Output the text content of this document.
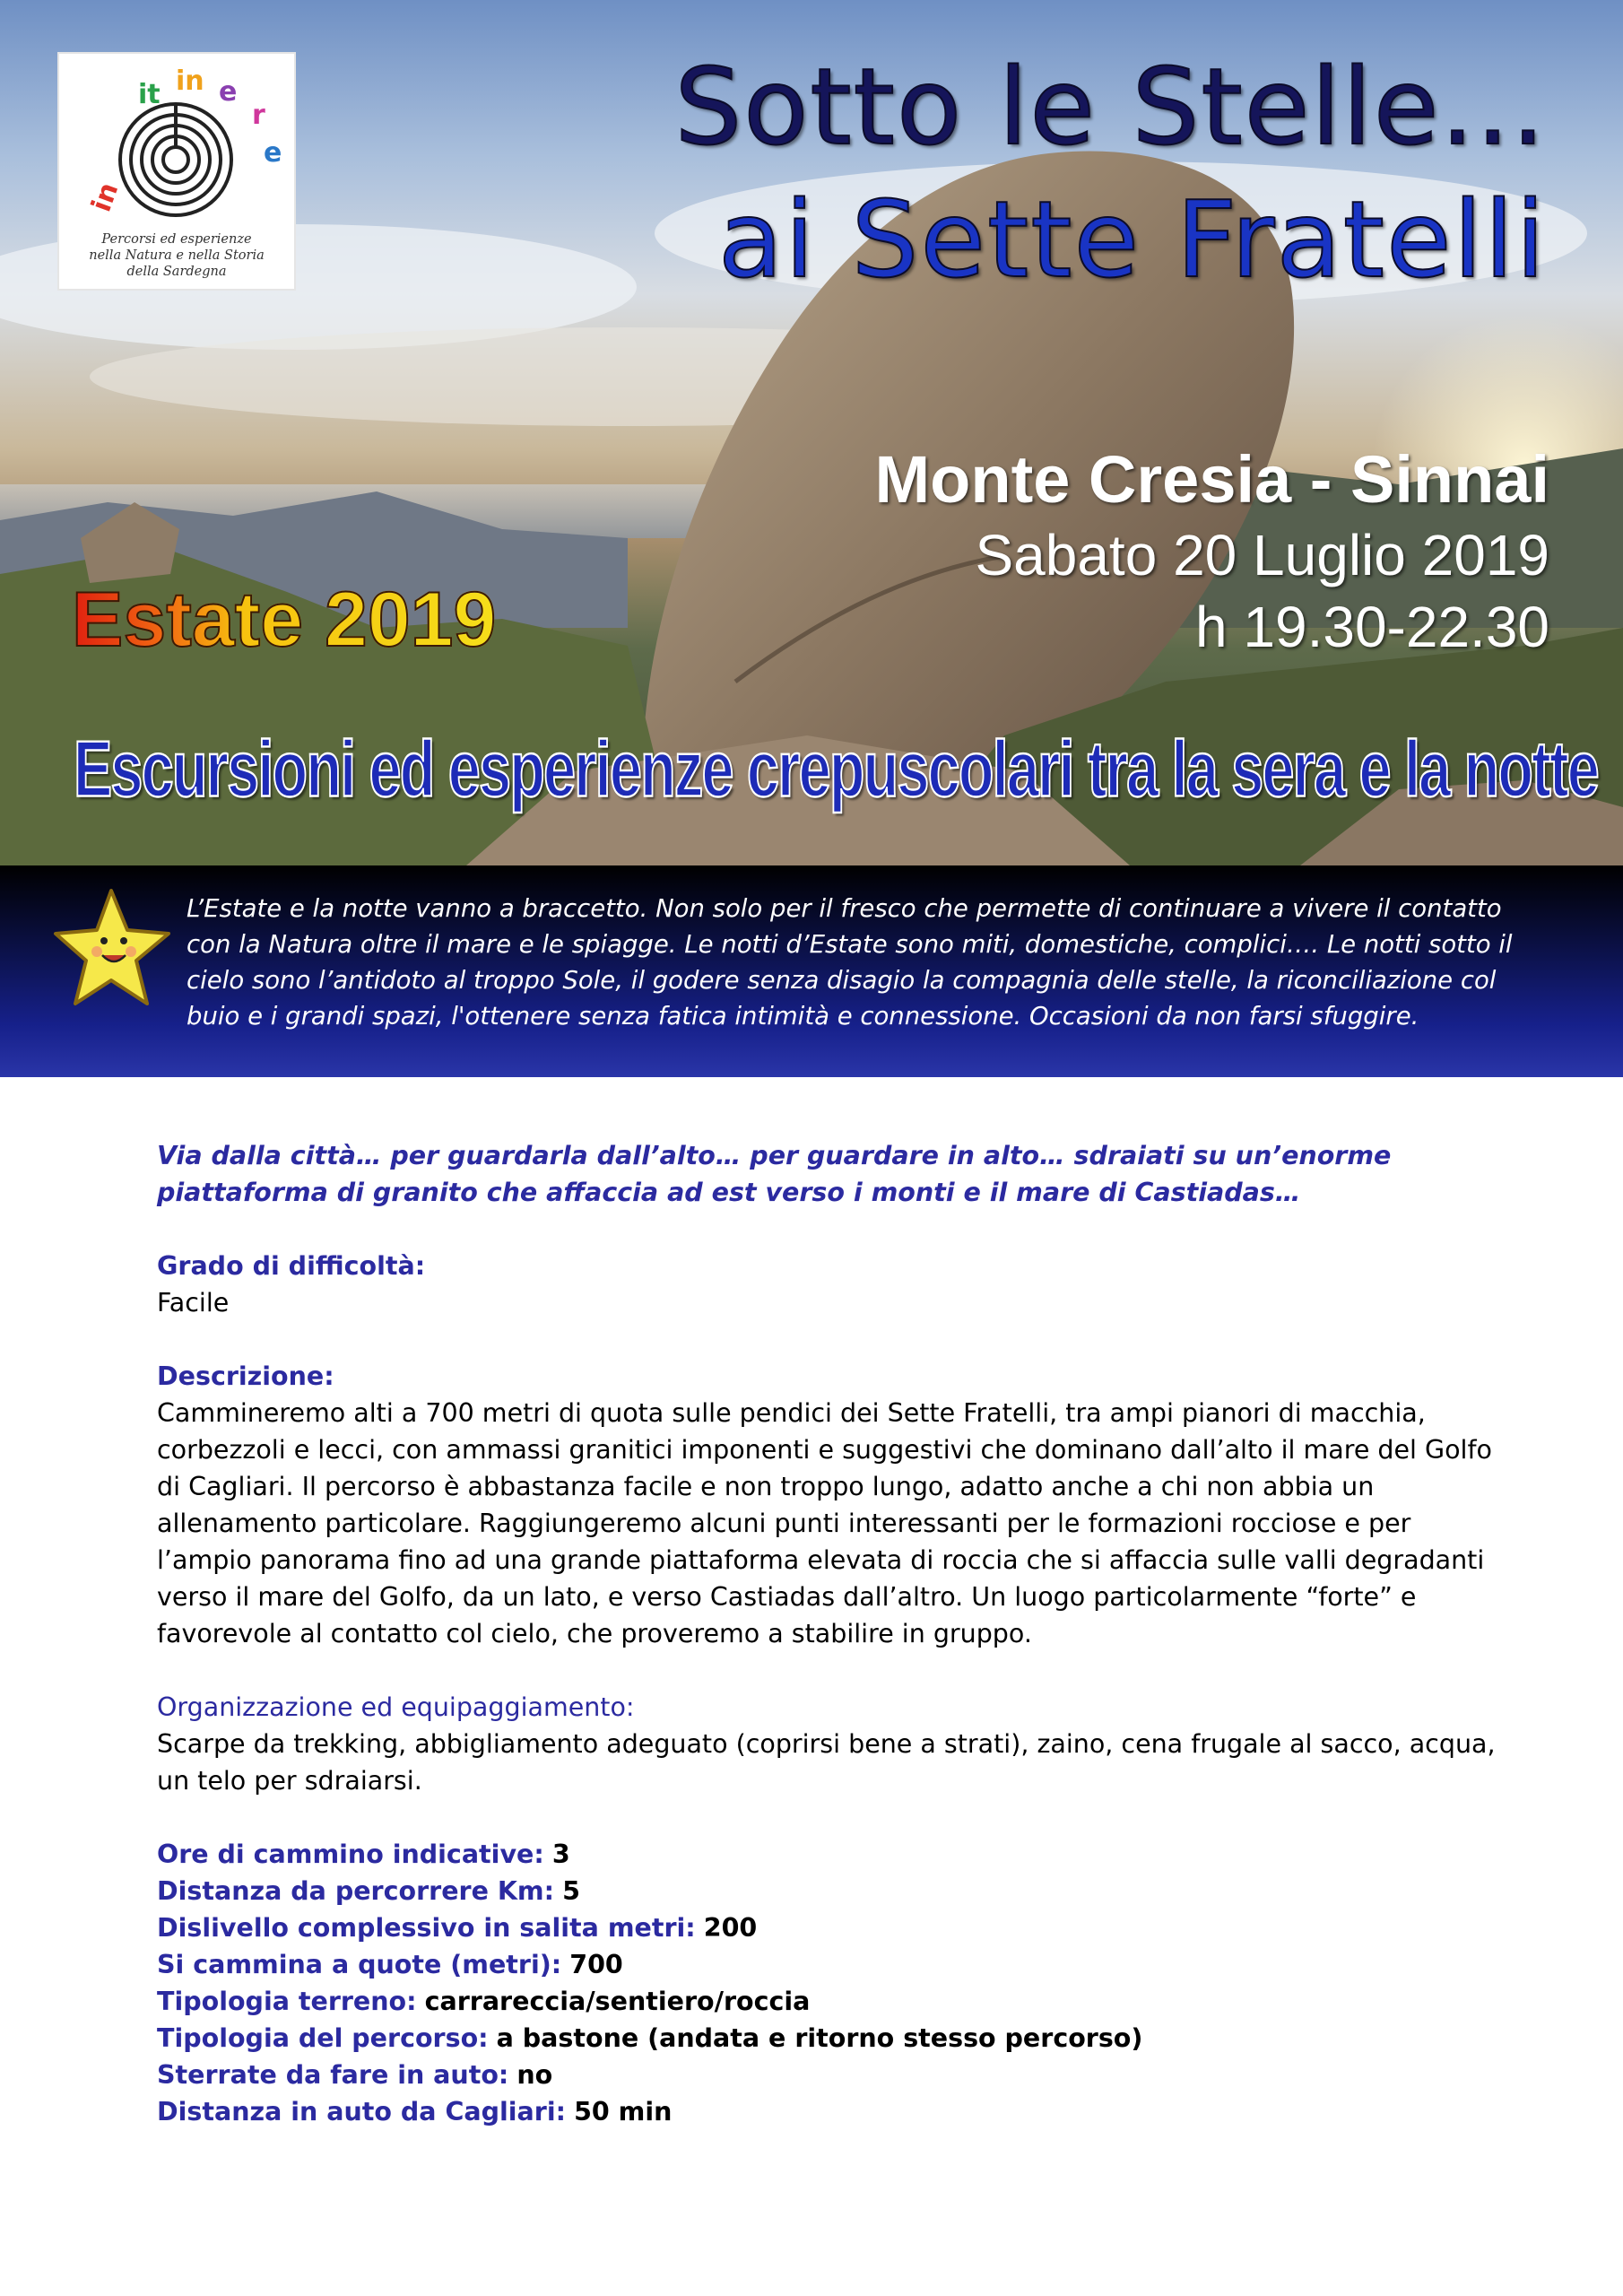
in
it in e
r
e
Percorsi ed esperienze
nella Natura e nella Storia
della Sardegna
Sotto le Stelle...
ai Sette Fratelli
Monte Cresia - Sinnai
Sabato 20 Luglio 2019
h 19.30-22.30
Estate 2019
Escursioni ed esperienze crepuscolari tra la sera e la notte
L’Estate e la notte vanno a braccetto. Non solo per il fresco che permette di continuare a vivere il contatto con la Natura oltre il mare e le spiagge. Le notti d’Estate sono miti, domestiche, complici…. Le notti sotto il cielo sono l’antidoto al troppo Sole, il godere senza disagio la compagnia delle stelle, la riconciliazione col buio e i grandi spazi, l'ottenere senza fatica intimità e connessione. Occasioni da non farsi sfuggire.
Via dalla città… per guardarla dall’alto… per guardare in alto… sdraiati su un’enorme piattaforma di granito che affaccia ad est verso i monti e il mare di Castiadas…
Grado di difficoltà:
Facile
Descrizione:
Cammineremo alti a 700 metri di quota sulle pendici dei Sette Fratelli, tra ampi pianori di macchia, corbezzoli e lecci, con ammassi granitici imponenti e suggestivi che dominano dall’alto il mare del Golfo di Cagliari. Il percorso è abbastanza facile e non troppo lungo, adatto anche a chi non abbia un allenamento particolare. Raggiungeremo alcuni punti interessanti per le formazioni rocciose e per l’ampio panorama fino ad una grande piattaforma elevata di roccia che si affaccia sulle valli degradanti verso il mare del Golfo, da un lato, e verso Castiadas dall’altro. Un luogo particolarmente “forte” e favorevole al contatto col cielo, che proveremo a stabilire in gruppo.
Organizzazione ed equipaggiamento:
Scarpe da trekking, abbigliamento adeguato (coprirsi bene a strati), zaino, cena frugale al sacco, acqua, un telo per sdraiarsi.
Ore di cammino indicative: 3
Distanza da percorrere Km: 5
Dislivello complessivo in salita metri: 200
Si cammina a quote (metri): 700
Tipologia terreno: carrareccia/sentiero/roccia
Tipologia del percorso: a bastone (andata e ritorno stesso percorso)
Sterrate da fare in auto: no
Distanza in auto da Cagliari: 50 min
